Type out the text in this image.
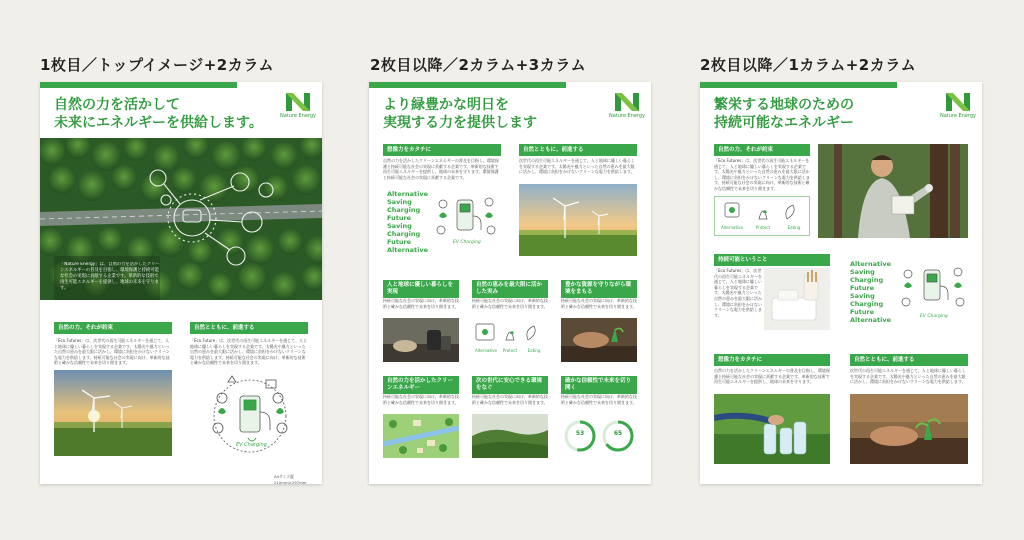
1枚目／トップイメージ+2カラム	2枚目以降／2カラム+3カラム	2枚目以降／1カラム+2カラム
自然の力を活かして
未来にエネルギーを供給します。	Nature Energy
「Nature Energy」は、自然の力を活かしたクリーンエネルギーの普及を目指し、環境保護と持続可能な社会の実現に貢献する企業です。革新的な技術で再生可能エネルギーを提供し、地球の未来を守ります。
自然の力、それが約束
「Eco Futures」は、次世代の再生可能エネルギーを通じて、人と地球に優しい暮らしを実現する企業です。太陽光や風力といった自然の恵みを最大限に活かし、環境に負担をかけないクリーンな電力を供給します。持続可能な社会の実現に向け、革新的な技術と確かな信頼性で未来を切り開きます。
自然とともに、前進する
「Eco Future」は、次世代の再生可能エネルギーを通じて、人と地球に優しい暮らしを実現する企業です。太陽光や風力といった自然の恵みを最大限に活かし、環境に負担をかけないクリーンな電力を供給します。持続可能な社会の実現に向け、革新的な技術と確かな信頼性で未来を切り開きます。
EV Charging
A4サイズ縦210mm×297mm
より緑豊かな明日を
実現する力を提供します	Nature Energy
想像力をカタチに
自然の力を活かしたクリーンエネルギーの普及を目指し、環境保護と持続可能な社会の実現に貢献する企業です。革新的な技術で再生可能エネルギーを提供し、地球の未来を守ります。環境保護と持続可能な社会の実現に貢献する企業です。
Alternative
Saving
Charging
Future
Saving
Charging
Future
Alternative
EV Charging
自然とともに、前進する
次世代の再生可能エネルギーを通じて、人と地球に優しい暮らしを実現する企業です。太陽光や風力といった自然の恵みを最大限に活かし、環境に負担をかけないクリーンな電力を供給します。
人と地球に優しい暮らしを実現
持続可能な社会の実現に向け、革新的な技術と確かな信頼性で未来を切り開きます。
自然の恵みを最大限に活かした実み
持続可能な社会の実現に向け、革新的な技術と確かな信頼性で未来を切り開きます。
Alternative	Protect	Eating
豊かな資源を守りながら環境をまもる
持続可能な社会の実現に向け、革新的な技術と確かな信頼性で未来を切り開きます。
自然の力を活かしたクリーンエネルギー
持続可能な社会の実現に向け、革新的な技術と確かな信頼性で未来を切り開きます。
次の世代に安心できる環境をなぐ
持続可能な社会の実現に向け、革新的な技術と確かな信頼性で未来を切り開きます。
確かな信頼性で未来を切り開く
持続可能な社会の実現に向け、革新的な技術と確かな信頼性で未来を切り開きます。
53	65
繁栄する地球のための
持続可能なエネルギー	Nature Energy
自然の力、それが約束
「Eco Futures」は、次世代の再生可能エネルギーを通じて、人と地球に優しい暮らしを実現する企業です。太陽光や風力といった自然の恵みを最大限に活かし、環境に負担をかけないクリーンな電力を供給します。持続可能な社会の実現に向け、革新的な技術と確かな信頼性で未来を切り開きます。
Alternative	Protect	Eating
持続可能ということ
「Eco Futures」は、次世代の再生可能エネルギーを通じて、人と地球に優しい暮らしを実現する企業です。太陽光や風力といった自然の恵みを最大限に活かし、環境に負担をかけないクリーンな電力を供給します。
Alternative
Saving
Charging
Future
Saving
Charging
Future
Alternative	EV Charging
想像力をカタチに
自然の力を活かしたクリーンエネルギーの普及を目指し、環境保護と持続可能な社会の実現に貢献する企業です。革新的な技術で再生可能エネルギーを提供し、地球の未来を守ります。
自然とともに、前進する
次世代の再生可能エネルギーを通じて、人と地球に優しい暮らしを実現する企業です。太陽光や風力といった自然の恵みを最大限に活かし、環境に負担をかけないクリーンな電力を供給します。
